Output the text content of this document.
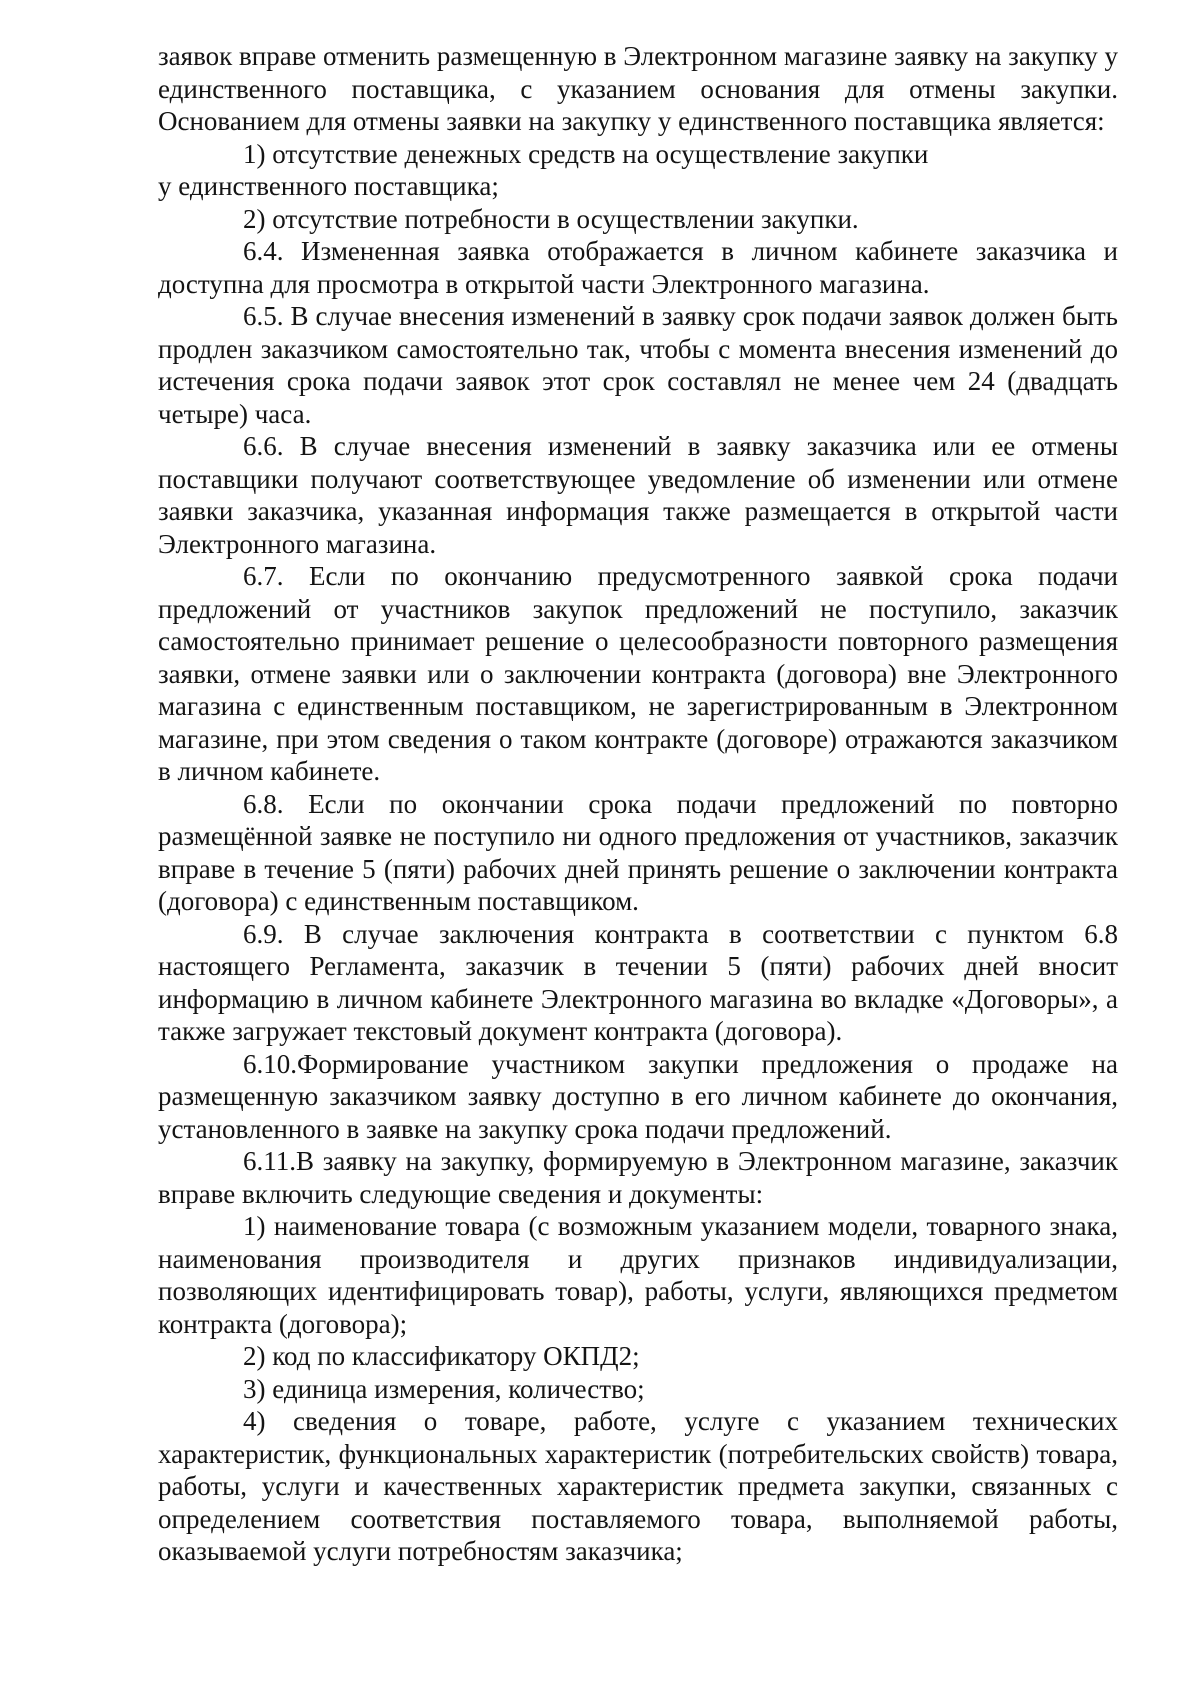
заявок вправе отменить размещенную в Электронном магазине заявку на закупку у единственного поставщика, с указанием основания для отмены закупки. Основанием для отмены заявки на закупку у единственного поставщика является:

1) отсутствие денежных средств на осуществление закупки

у единственного поставщика;

2) отсутствие потребности в осуществлении закупки.

6.4. Измененная заявка отображается в личном кабинете заказчика и доступна для просмотра в открытой части Электронного магазина.

6.5. В случае внесения изменений в заявку срок подачи заявок должен быть продлен заказчиком самостоятельно так, чтобы с момента внесения изменений до истечения срока подачи заявок этот срок составлял не менее чем 24 (двадцать четыре) часа.

6.6. В случае внесения изменений в заявку заказчика или ее отмены поставщики получают соответствующее уведомление об изменении или отмене заявки заказчика, указанная информация также размещается в открытой части Электронного магазина.

6.7. Если по окончанию предусмотренного заявкой срока подачи предложений от участников закупок предложений не поступило, заказчик самостоятельно принимает решение о целесообразности повторного размещения заявки, отмене заявки или о заключении контракта (договора) вне Электронного магазина с единственным поставщиком, не зарегистрированным в Электронном магазине, при этом сведения о таком контракте (договоре) отражаются заказчиком в личном кабинете.

6.8. Если по окончании срока подачи предложений по повторно размещённой заявке не поступило ни одного предложения от участников, заказчик вправе в течение 5 (пяти) рабочих дней принять решение о заключении контракта (договора) с единственным поставщиком.

6.9. В случае заключения контракта в соответствии с пунктом 6.8 настоящего Регламента, заказчик в течении 5 (пяти) рабочих дней вносит информацию в личном кабинете Электронного магазина во вкладке «Договоры», а также загружает текстовый документ контракта (договора).

6.10.Формирование участником закупки предложения о продаже на размещенную заказчиком заявку доступно в его личном кабинете до окончания, установленного в заявке на закупку срока подачи предложений.

6.11.В заявку на закупку, формируемую в Электронном магазине, заказчик вправе включить следующие сведения и документы:

1) наименование товара (с возможным указанием модели, товарного знака, наименования производителя и других признаков индивидуализации, позволяющих идентифицировать товар), работы, услуги, являющихся предметом контракта (договора);

2) код по классификатору ОКПД2;

3) единица измерения, количество;

4) сведения о товаре, работе, услуге с указанием технических характеристик, функциональных характеристик (потребительских свойств) товара, работы, услуги и качественных характеристик предмета закупки, связанных с определением соответствия поставляемого товара, выполняемой работы, оказываемой услуги потребностям заказчика;
